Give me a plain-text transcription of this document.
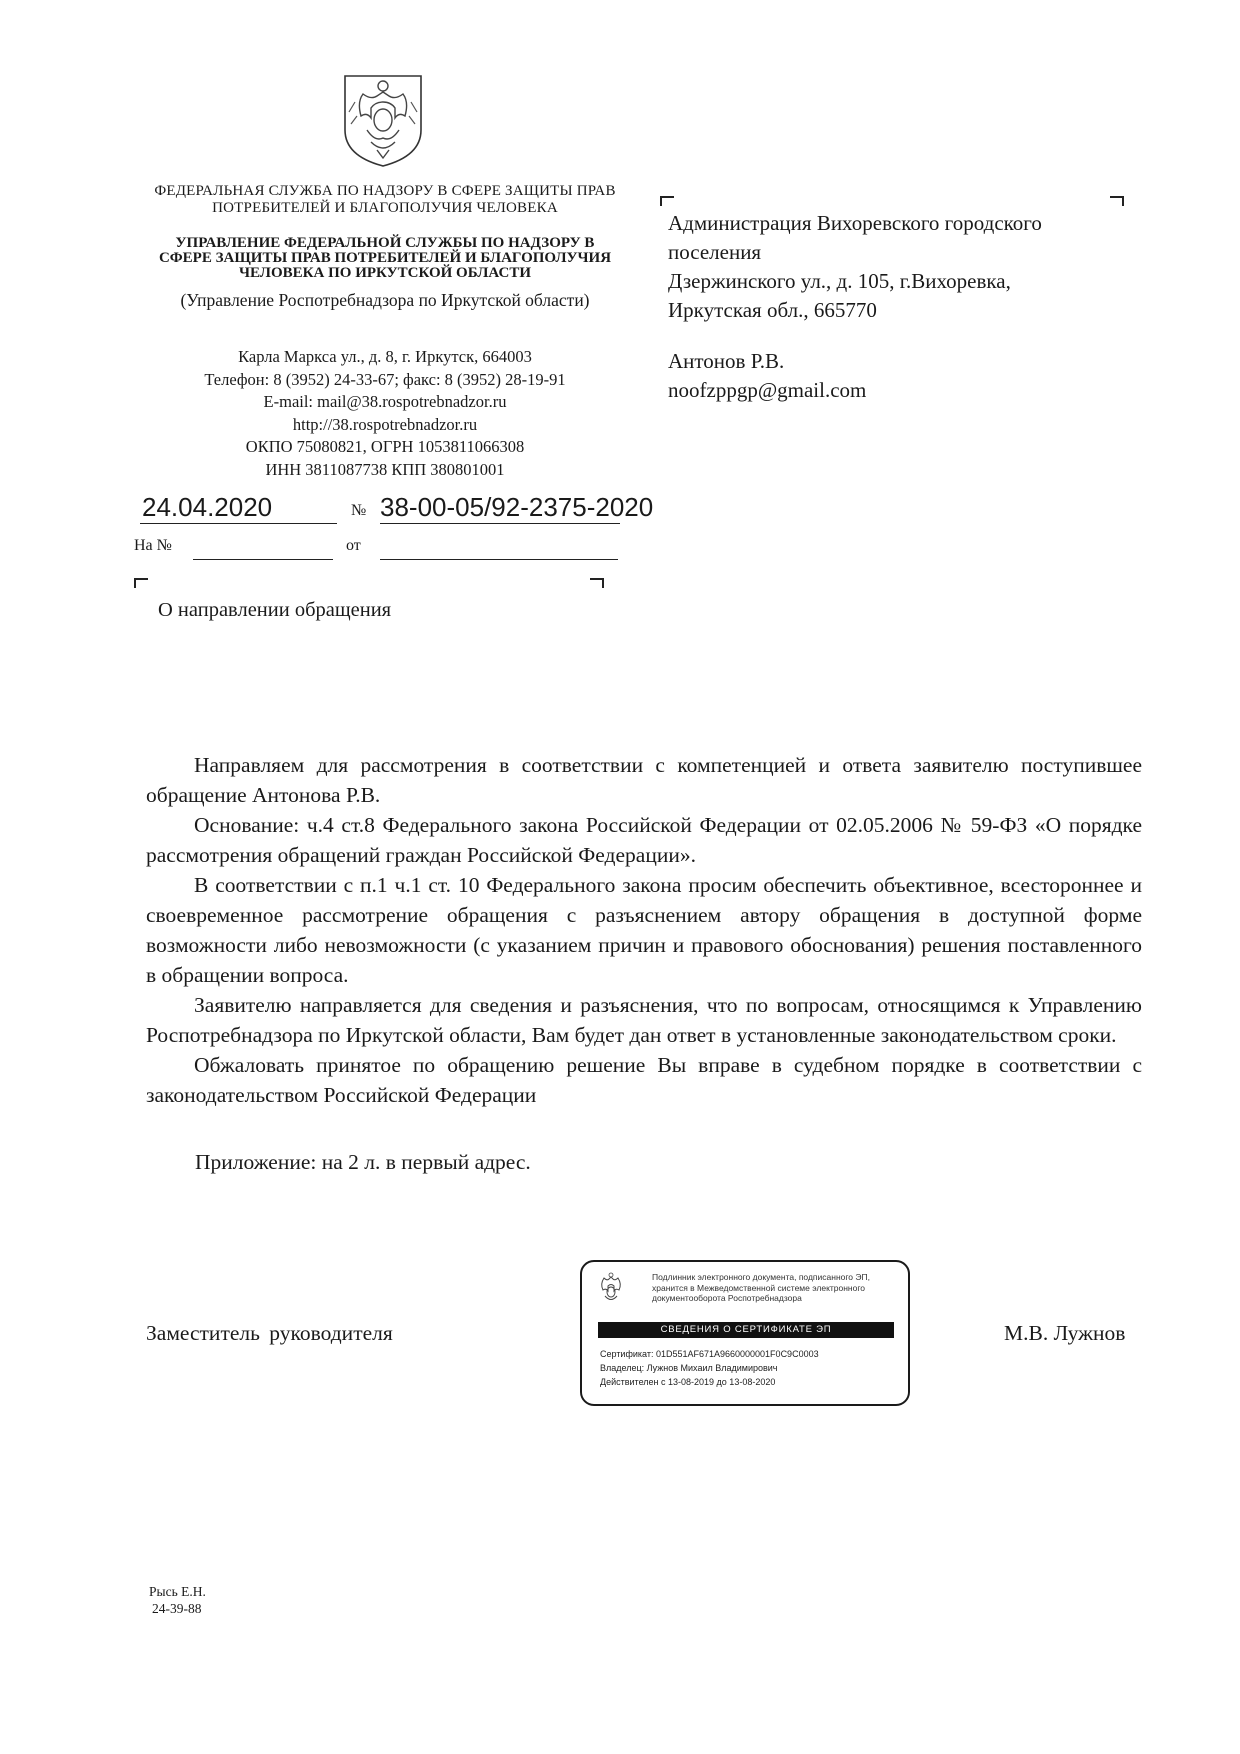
ФЕДЕРАЛЬНАЯ СЛУЖБА ПО НАДЗОРУ В СФЕРЕ ЗАЩИТЫ ПРАВ ПОТРЕБИТЕЛЕЙ И БЛАГОПОЛУЧИЯ ЧЕЛОВЕКА
УПРАВЛЕНИЕ ФЕДЕРАЛЬНОЙ СЛУЖБЫ ПО НАДЗОРУ В СФЕРЕ ЗАЩИТЫ ПРАВ ПОТРЕБИТЕЛЕЙ И БЛАГОПОЛУЧИЯ ЧЕЛОВЕКА ПО ИРКУТСКОЙ ОБЛАСТИ
(Управление Роспотребнадзора по Иркутской области)
Карла Маркса ул., д. 8, г. Иркутск, 664003
Телефон: 8 (3952) 24-33-67; факс: 8 (3952) 28-19-91
E-mail: mail@38.rospotrebnadzor.ru
http://38.rospotrebnadzor.ru
ОКПО 75080821, ОГРН 1053811066308
ИНН 3811087738 КПП 380801001
Администрация Вихоревского городского
поселения
Дзержинского ул., д. 105, г.Вихоревка,
Иркутская обл., 665770
Антонов Р.В.
noofzppgp@gmail.com
24.04.2020	№ 38-00-05/92-2375-2020
На №	от
О направлении обращения

Направляем для рассмотрения в соответствии с компетенцией и ответа заявителю поступившее обращение Антонова Р.В.

Основание: ч.4 ст.8 Федерального закона Российской Федерации от 02.05.2006 № 59-ФЗ «О порядке рассмотрения обращений граждан Российской Федерации».

В соответствии с п.1 ч.1 ст. 10 Федерального закона просим обеспечить объективное, всестороннее и своевременное рассмотрение обращения с разъяснением автору обращения в доступной форме возможности либо невозможности (с указанием причин и правового обоснования) решения поставленного в обращении вопроса.

Заявителю направляется для сведения и разъяснения, что по вопросам, относящимся к Управлению Роспотребнадзора по Иркутской области, Вам будет дан ответ в установленные законодательством сроки.

Обжаловать принятое по обращению решение Вы вправе в судебном порядке в соответствии с законодательством Российской Федерации

Приложение: на 2 л. в первый адрес.
Заместитель руководителя	М.В. Лужнов
Подлинник электронного документа, подписанного ЭП, хранится в Межведомственной системе электронного документооборота Роспотребнадзора
СВЕДЕНИЯ О СЕРТИФИКАТЕ ЭП
Сертификат: 01D551AF671A9660000001F0C9C0003
Владелец: Лужнов Михаил Владимирович
Действителен с 13-08-2019 до 13-08-2020
Рысь Е.Н.
24-39-88
